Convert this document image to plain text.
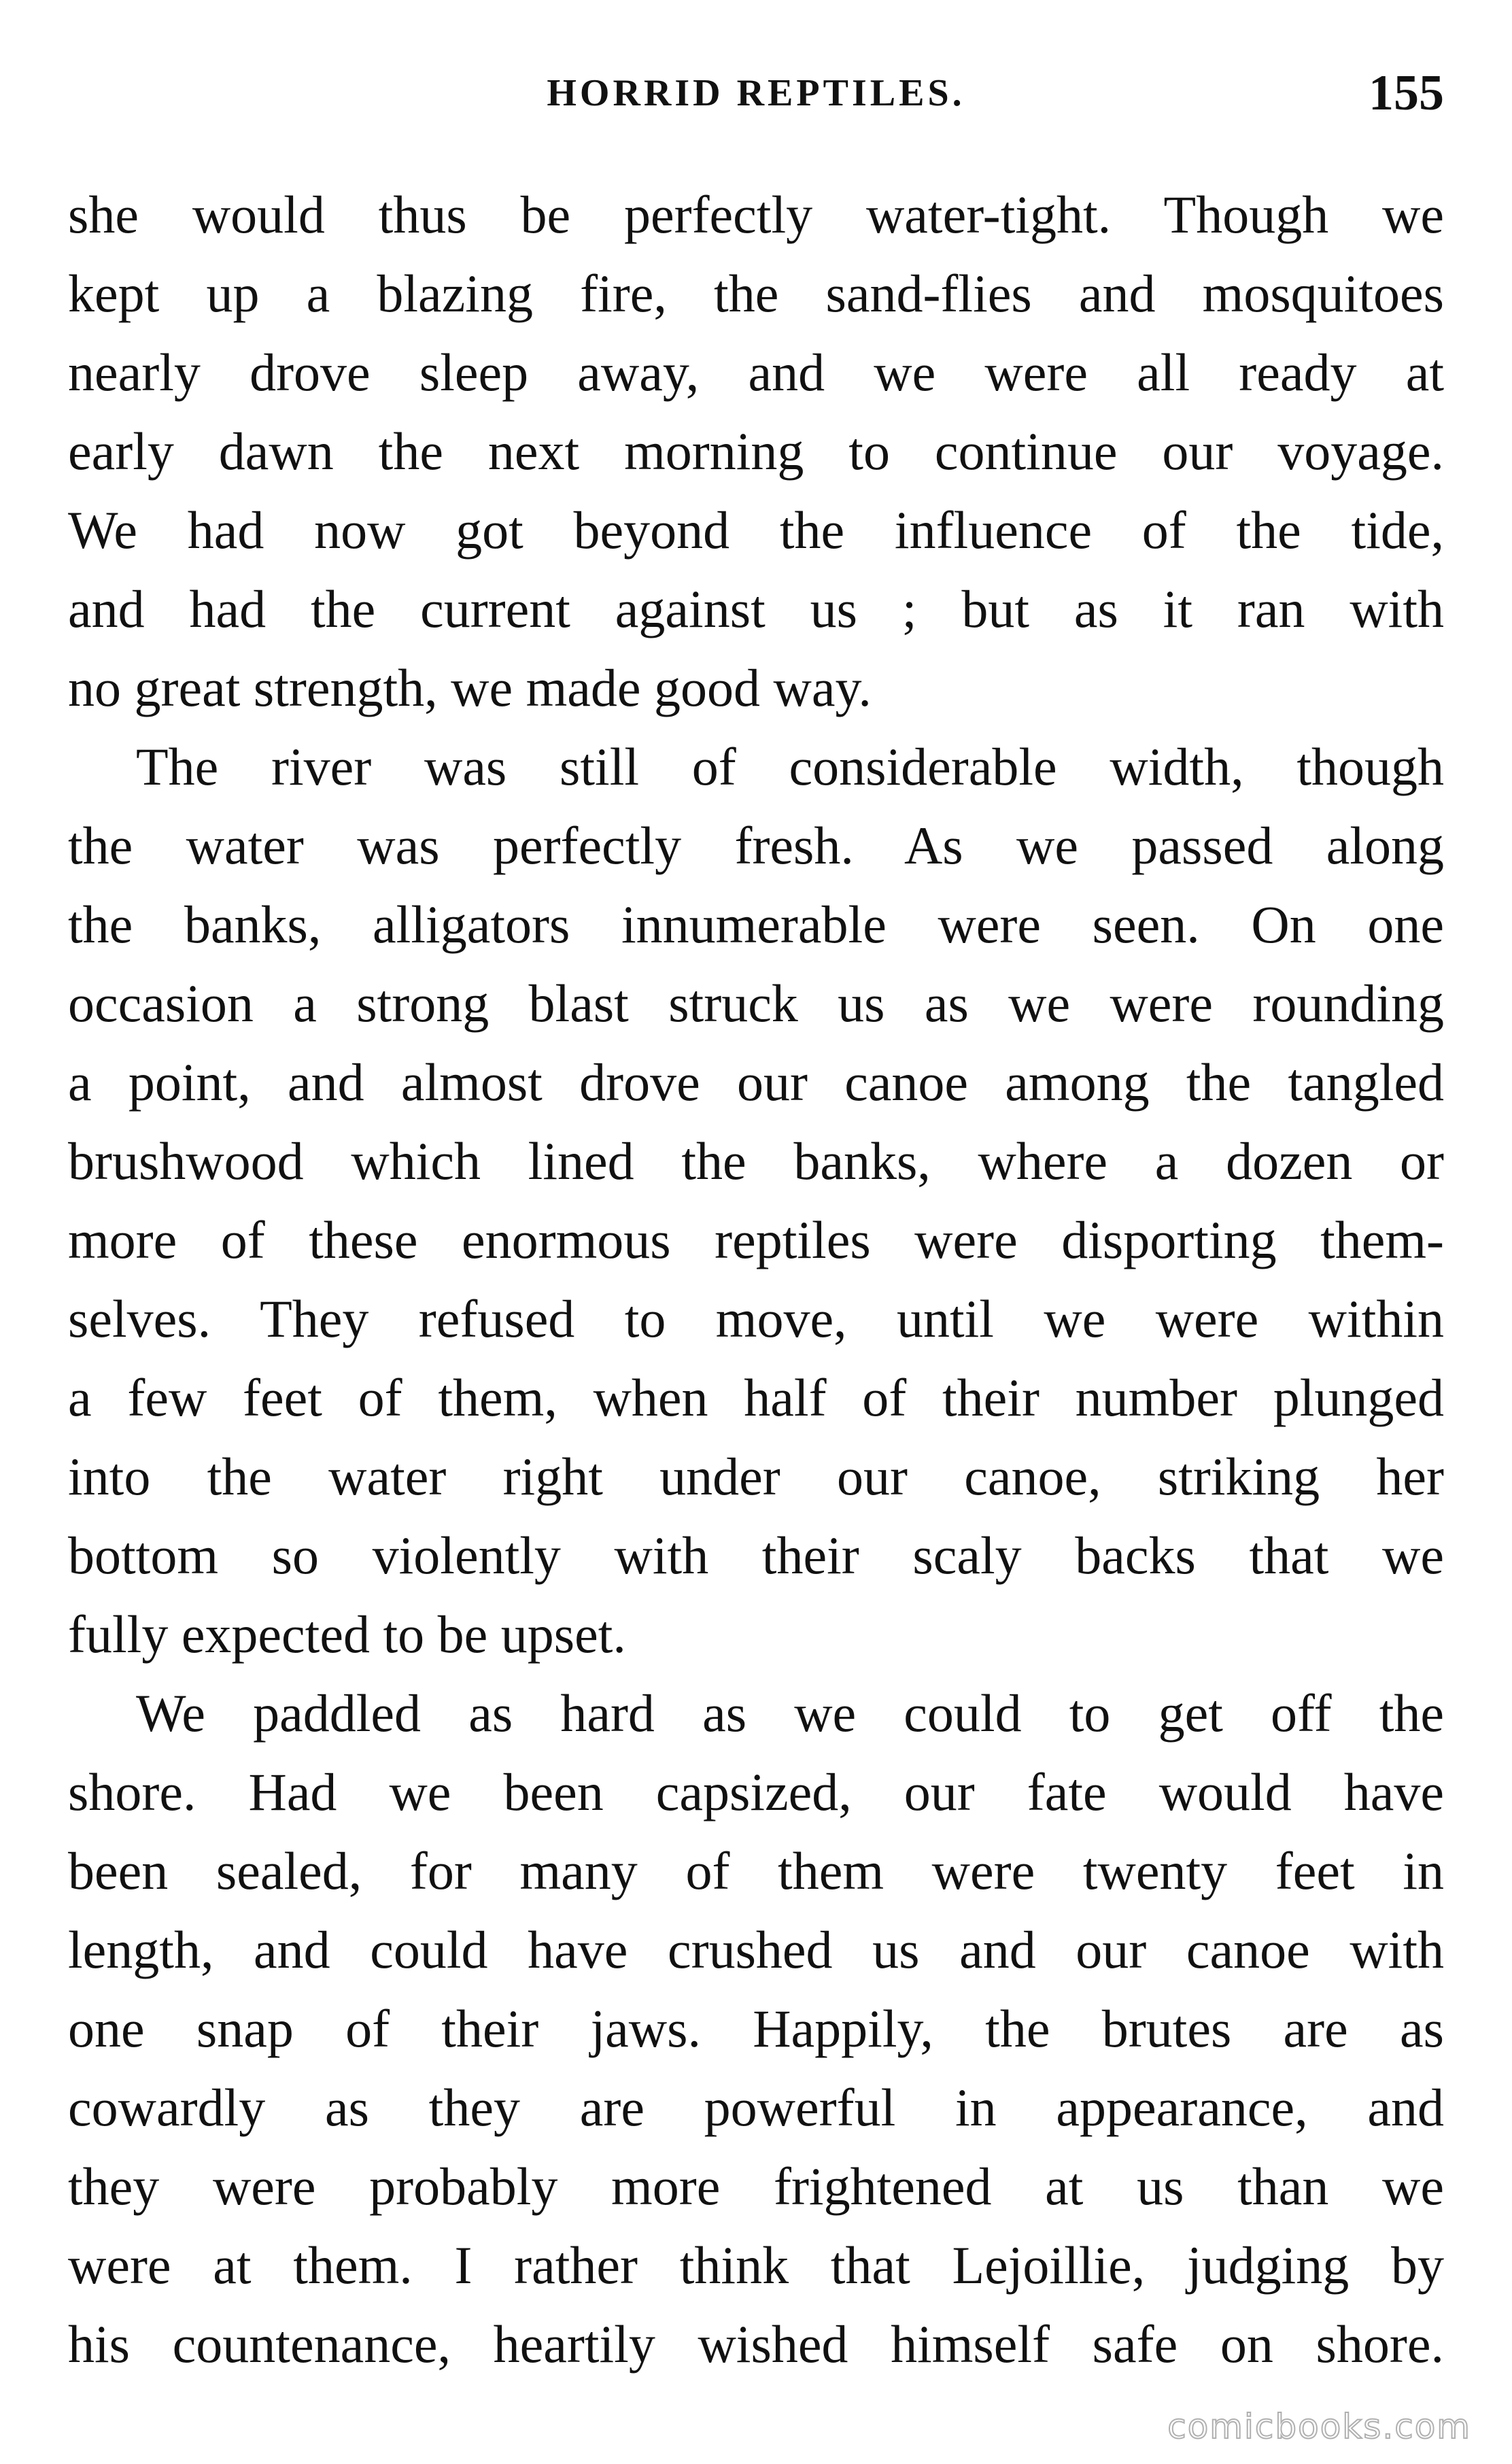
HORRID REPTILES.	155
she would thus be perfectly water-tight. Though we
kept up a blazing fire, the sand-flies and mosquitoes
nearly drove sleep away, and we were all ready at
early dawn the next morning to continue our voyage.
We had now got beyond the influence of the tide,
and had the current against us ; but as it ran with
no great strength, we made good way.
The river was still of considerable width, though
the water was perfectly fresh. As we passed along
the banks, alligators innumerable were seen. On one
occasion a strong blast struck us as we were rounding
a point, and almost drove our canoe among the tangled
brushwood which lined the banks, where a dozen or
more of these enormous reptiles were disporting them-
selves. They refused to move, until we were within
a few feet of them, when half of their number plunged
into the water right under our canoe, striking her
bottom so violently with their scaly backs that we
fully expected to be upset.
We paddled as hard as we could to get off the
shore. Had we been capsized, our fate would have
been sealed, for many of them were twenty feet in
length, and could have crushed us and our canoe with
one snap of their jaws. Happily, the brutes are as
cowardly as they are powerful in appearance, and
they were probably more frightened at us than we
were at them. I rather think that Lejoillie, judging by
his countenance, heartily wished himself safe on shore.
comicbooks.com
